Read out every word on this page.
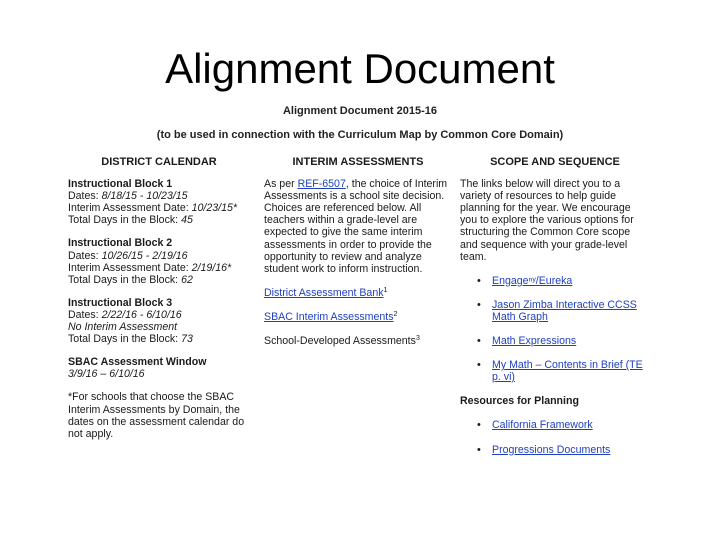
Alignment Document
Alignment Document 2015-16
(to be used in connection with the Curriculum Map by Common Core Domain)
DISTRICT CALENDAR
Instructional Block 1
Dates: 8/18/15 - 10/23/15
Interim Assessment Date: 10/23/15*
Total Days in the Block: 45
Instructional Block 2
Dates: 10/26/15 - 2/19/16
Interim Assessment Date: 2/19/16*
Total Days in the Block: 62
Instructional Block 3
Dates: 2/22/16 - 6/10/16
No Interim Assessment
Total Days in the Block: 73
SBAC Assessment Window
3/9/16 – 6/10/16
*For schools that choose the SBAC Interim Assessments by Domain, the dates on the assessment calendar do not apply.
INTERIM ASSESSMENTS
As per REF-6507, the choice of Interim Assessments is a school site decision. Choices are referenced below. All teachers within a grade-level are expected to give the same interim assessments in order to provide the opportunity to review and analyze student work to inform instruction.
District Assessment Bank$^1$
SBAC Interim Assessments$^2$
School-Developed Assessments$^3$
SCOPE AND SEQUENCE
The links below will direct you to a variety of resources to help guide planning for the year. We encourage you to explore the various options for structuring the Common Core scope and sequence with your grade-level team.
• Engageⁿʸ/Eureka
• Jason Zimba Interactive CCSS Math Graph
• Math Expressions
• My Math – Contents in Brief (TE p. vi)
Resources for Planning
• California Framework
• Progressions Documents
